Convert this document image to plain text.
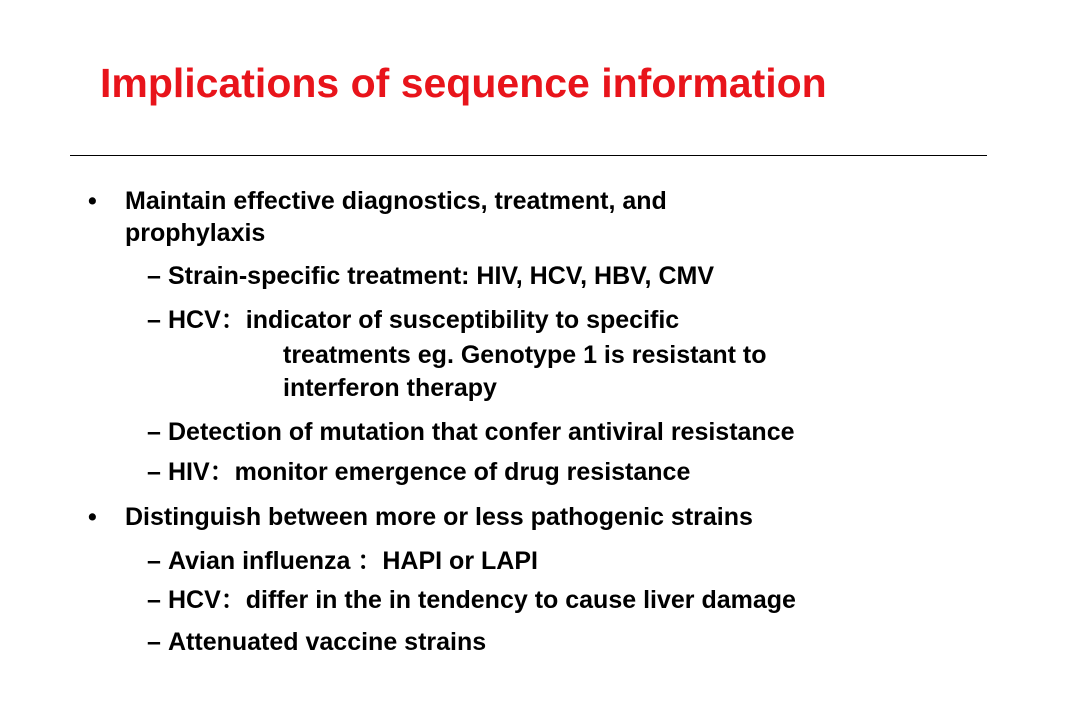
Implications of sequence information
• Maintain effective diagnostics, treatment, and
prophylaxis
– Strain-specific treatment: HIV, HCV, HBV, CMV
– HCV：indicator of susceptibility to specific
treatments eg. Genotype 1 is resistant to
interferon therapy
– Detection of mutation that confer antiviral resistance
– HIV：monitor emergence of drug resistance
• Distinguish between more or less pathogenic strains
– Avian influenza ：HAPI or LAPI
– HCV：differ in the in tendency to cause liver damage
– Attenuated vaccine strains
